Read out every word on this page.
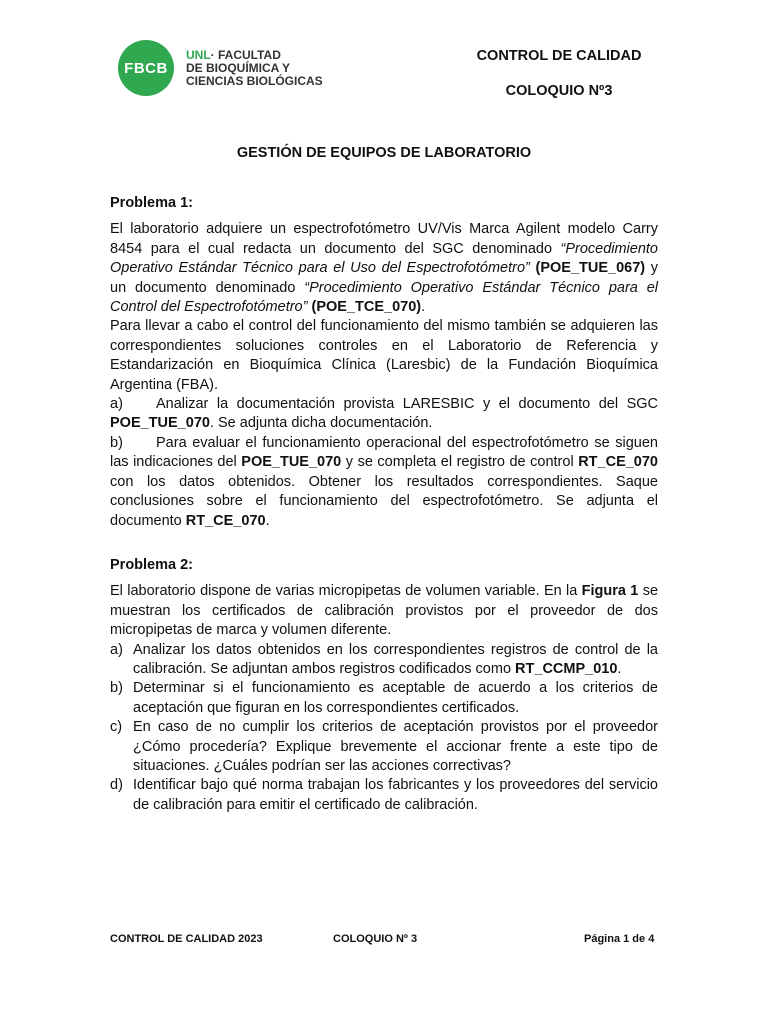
FBCB
UNL· FACULTAD
DE BIOQUÍMICA Y
CIENCIAS BIOLÓGICAS
CONTROL DE CALIDAD
COLOQUIO Nº3
GESTIÓN DE EQUIPOS DE LABORATORIO

Problema 1:

El laboratorio adquiere un espectrofotómetro UV/Vis Marca Agilent modelo Carry 8454 para el cual redacta un documento del SGC denominado “Procedimiento Operativo Estándar Técnico para el Uso del Espectrofotómetro” (POE_TUE_067) y un documento denominado “Procedimiento Operativo Estándar Técnico para el Control del Espectrofotómetro” (POE_TCE_070).

Para llevar a cabo el control del funcionamiento del mismo también se adquieren las correspondientes soluciones controles en el Laboratorio de Referencia y Estandarización en Bioquímica Clínica (Laresbic) de la Fundación Bioquímica Argentina (FBA).

a) Analizar la documentación provista LARESBIC y el documento del SGC POE_TUE_070. Se adjunta dicha documentación.

b) Para evaluar el funcionamiento operacional del espectrofotómetro se siguen las indicaciones del POE_TUE_070 y se completa el registro de control RT_CE_070 con los datos obtenidos. Obtener los resultados correspondientes. Saque conclusiones sobre el funcionamiento del espectrofotómetro. Se adjunta el documento RT_CE_070.

Problema 2:

El laboratorio dispone de varias micropipetas de volumen variable. En la Figura 1 se muestran los certificados de calibración provistos por el proveedor de dos micropipetas de marca y volumen diferente.

a) Analizar los datos obtenidos en los correspondientes registros de control de la calibración. Se adjuntan ambos registros codificados como RT_CCMP_010.
b) Determinar si el funcionamiento es aceptable de acuerdo a los criterios de aceptación que figuran en los correspondientes certificados.
c) En caso de no cumplir los criterios de aceptación provistos por el proveedor ¿Cómo procedería? Explique brevemente el accionar frente a este tipo de situaciones. ¿Cuáles podrían ser las acciones correctivas?
d) Identificar bajo qué norma trabajan los fabricantes y los proveedores del servicio de calibración para emitir el certificado de calibración.
CONTROL DE CALIDAD 2023	COLOQUIO Nº 3	Página 1 de 4
